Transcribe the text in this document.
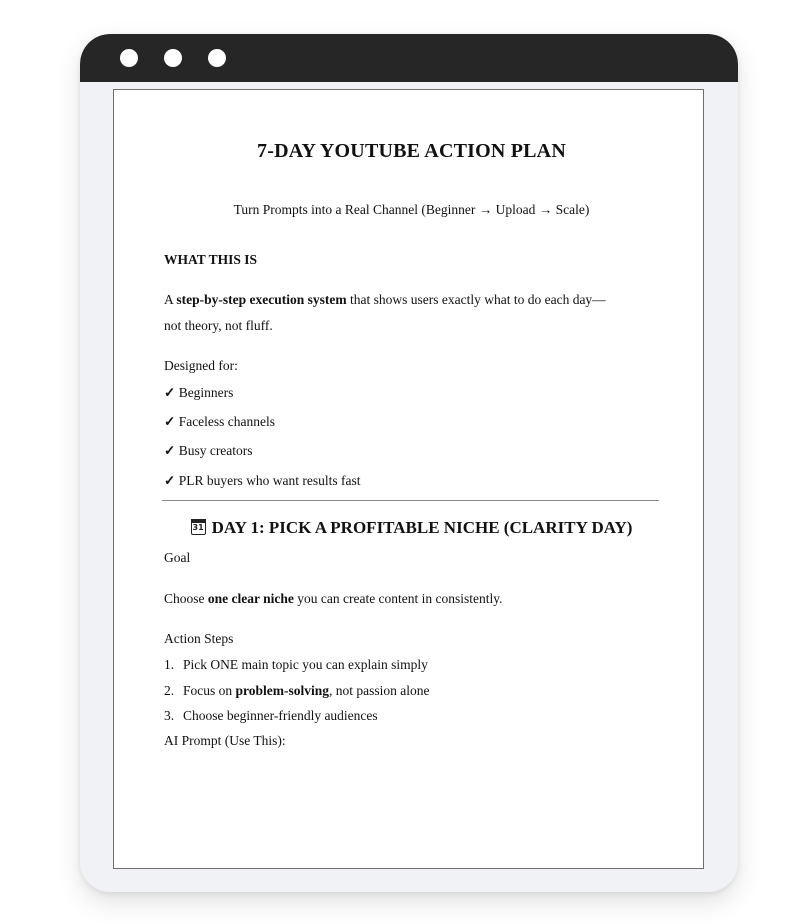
7-DAY YOUTUBE ACTION PLAN
Turn Prompts into a Real Channel (Beginner → Upload → Scale)
WHAT THIS IS
A step-by-step execution system that shows users exactly what to do each day—
not theory, not fluff.
Designed for:
✓ Beginners
✓ Faceless channels
✓ Busy creators
✓ PLR buyers who want results fast
31 DAY 1: PICK A PROFITABLE NICHE (CLARITY DAY)
Goal
Choose one clear niche you can create content in consistently.
Action Steps
1. Pick ONE main topic you can explain simply
2. Focus on problem-solving, not passion alone
3. Choose beginner-friendly audiences
AI Prompt (Use This):
